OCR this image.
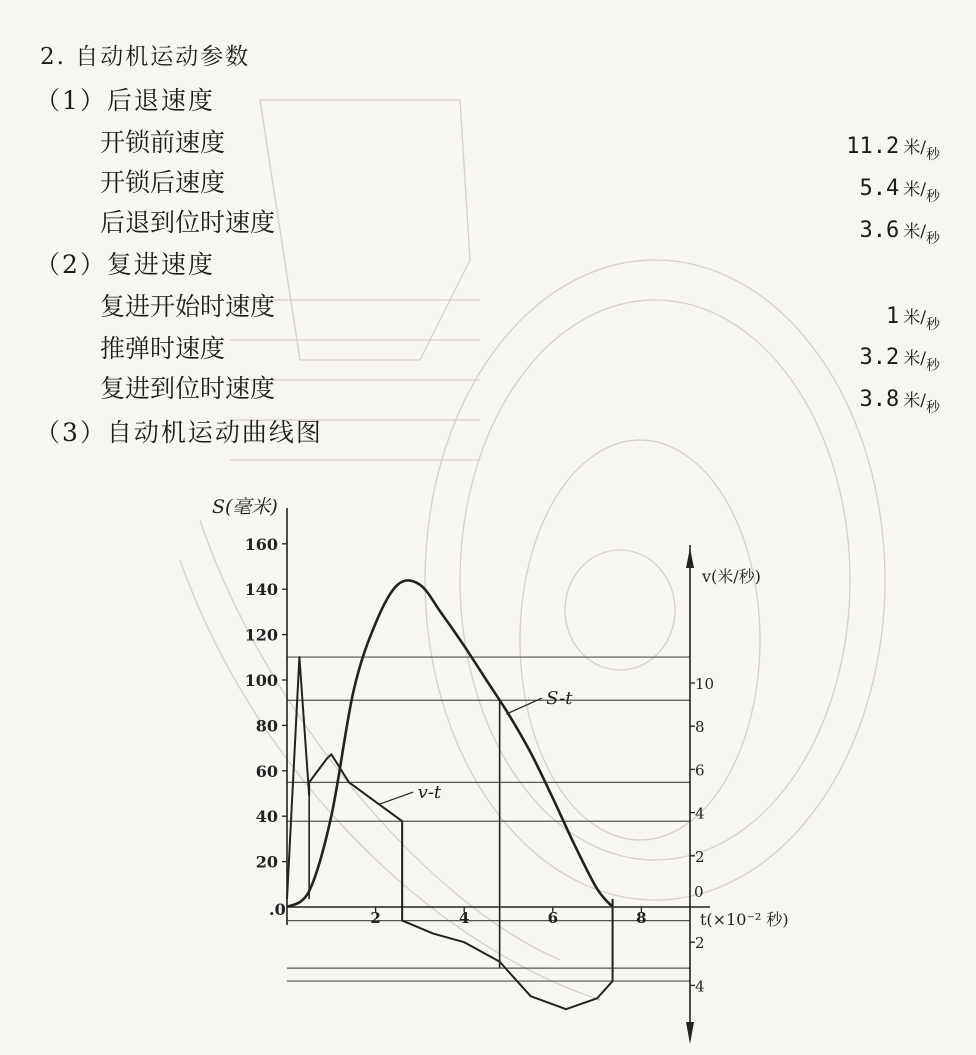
2. 自动机运动参数
（1）后退速度
开锁前速度	11.2 米$/_秒$
开锁后速度	5.4 米$/_秒$
后退到位时速度	3.6 米$/_秒$
（2）复进速度
复进开始时速度	1 米$/_秒$
推弹时速度	3.2 米$/_秒$
复进到位时速度	3.8 米$/_秒$
（3）自动机运动曲线图
20
40
60
80
100
120
140
160
S(毫米)
2
4
6
8
10
2
4
0
v(米/秒)
2	4	6	8
.0
t(×10⁻² 秒)
S-t
v-t
